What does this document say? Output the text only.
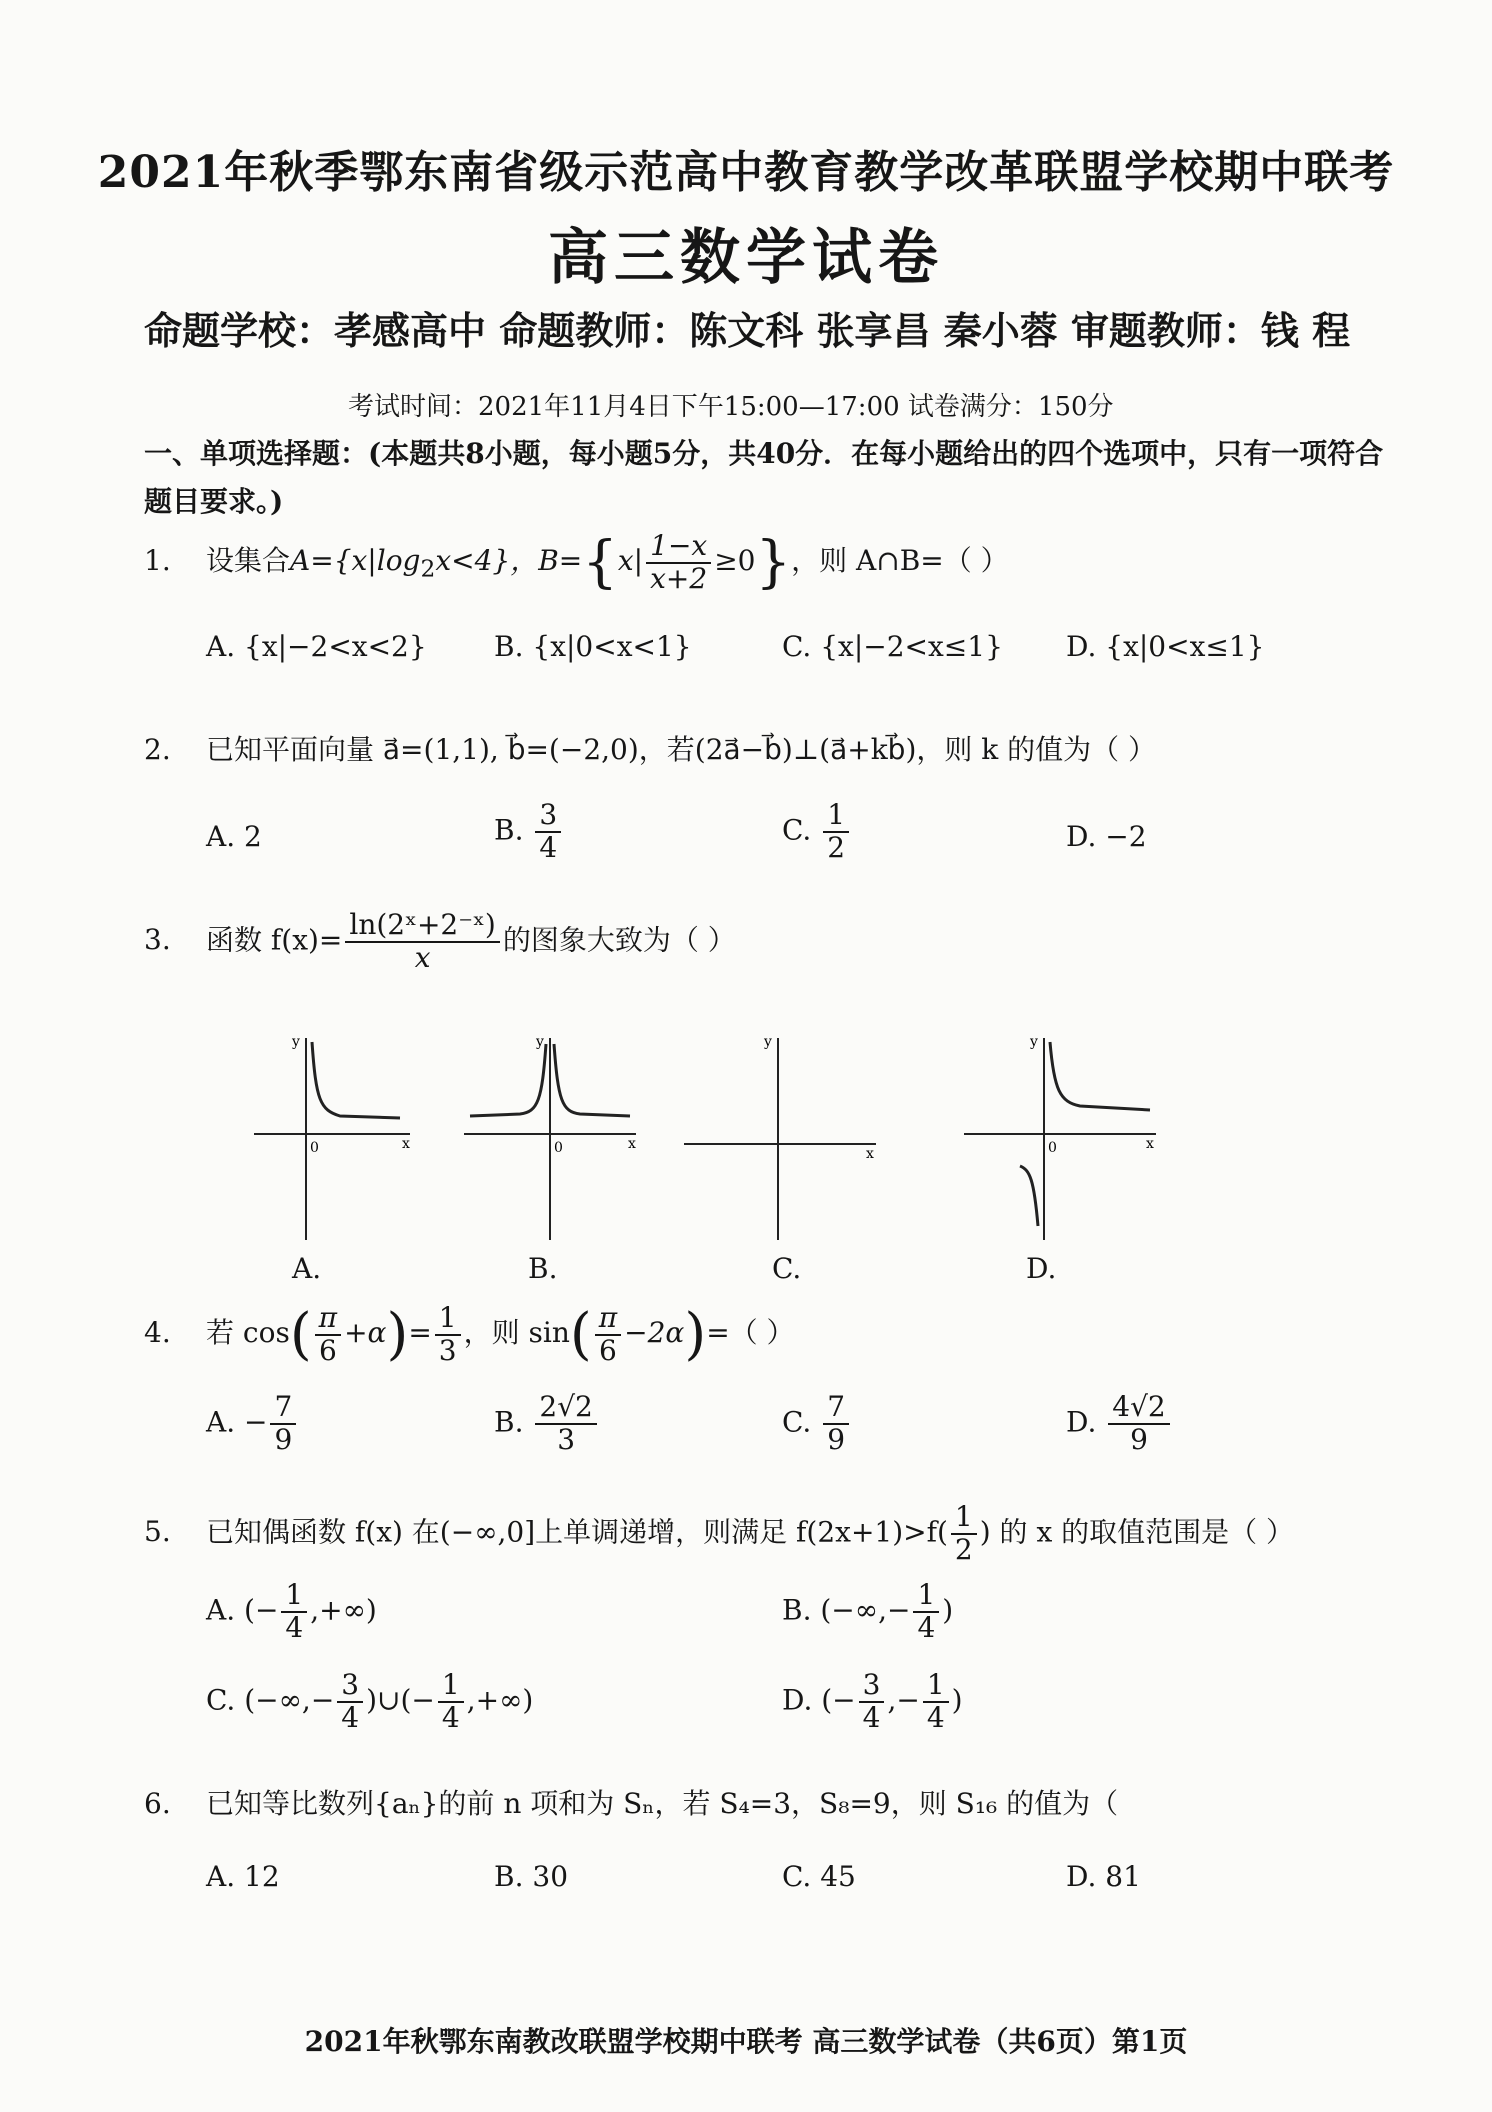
2021年秋季鄂东南省级示范高中教育教学改革联盟学校期中联考
高三数学试卷
命题学校：孝感高中 命题教师：陈文科 张享昌 秦小蓉 审题教师：钱 程
考试时间：2021年11月4日下午15:00—17:00 试卷满分：150分
一、单项选择题：(本题共8小题，每小题5分，共40分．在每小题给出的四个选项中，只有一项符合题目要求。)
1. 设集合$A=\{x|\log_2x<4\}$，$B=\{x| \frac{1-x}{x+2} \ge 0\}$，则 A∩B=（ ）
A. {x|−2<x<2} B. {x|0<x<1}	C. {x|−2<x≤1} D. {x|0<x≤1}
2. 已知平面向量 a⃗=(1,1), b⃗=(−2,0)，若(2a⃗−b⃗)⊥(a⃗+kb⃗)，则 k 的值为（ ）
A. 2	B. $\frac{3}{4}$	C. $\frac{1}{2}$	D. −2
3. 函数 $f(x)= \frac{\text{ln(2ˣ+2⁻ˣ)}}{x}$ 的图象大致为（ ）
y
0	x
A.
y
0	x
B.
y
x
C.
y
0	x
D.
4. 若 $\cos( \frac{\pi}{6} +\alpha)= \frac{1}{3}$ ，则 $\sin( \frac{\pi}{6} -2\alpha)=$（ ）
A. − $\frac{7}{9}$	B. $\frac{2√2}{3}$	C. $\frac{7}{9}$	D. $\frac{4√2}{9}$
5. 已知偶函数 f(x) 在(−∞,0]上单调递增，则满足 $f(2x+1)>f( \frac{1}{2}$ ) 的 x 的取值范围是（ ）
A. (− $\frac{1}{4}$ ,+∞)	B. (−∞,− $\frac{1}{4}$ )
C. (−∞,− $\frac{3}{4}$ )∪(− $\frac{1}{4}$ ,+∞)	D. (− $\frac{3}{4}$ ,− $\frac{1}{4}$ )
6. 已知等比数列{aₙ}的前 n 项和为 Sₙ，若 S₄=3，S₈=9，则 S₁₆ 的值为（
A. 12	B. 30	C. 45	D. 81
2021年秋鄂东南教改联盟学校期中联考 高三数学试卷（共6页）第1页
